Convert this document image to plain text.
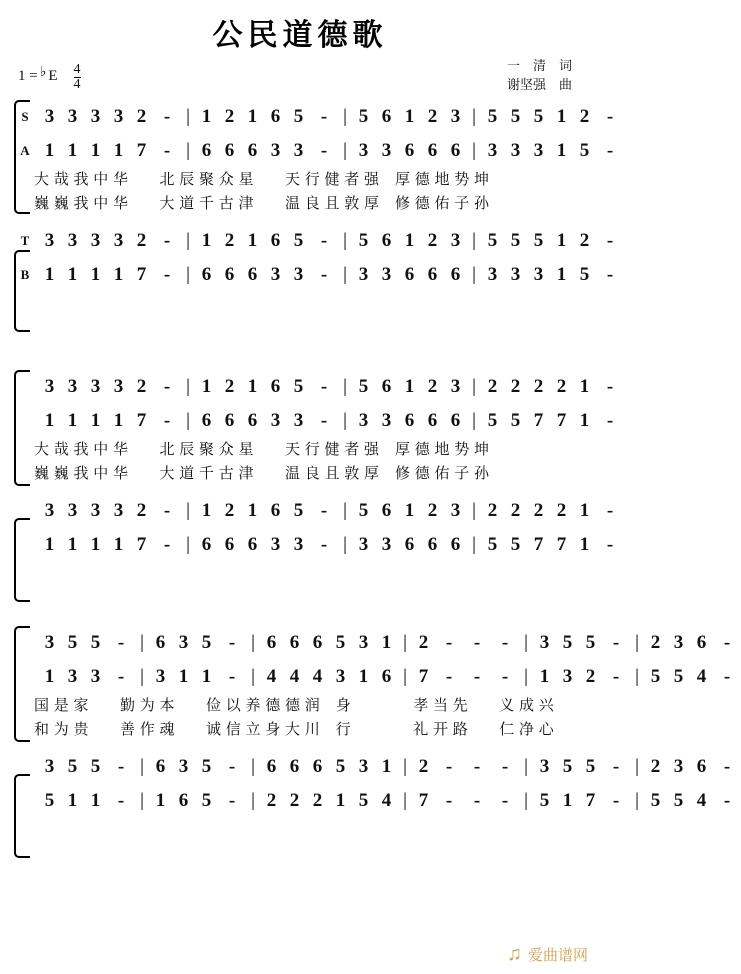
公民道德歌
1 = ♭ E $\frac{4}{4}$	一　清　词
谢坚强　曲
S 3 3 3 3 2 - | 1 2 1 6 5 - | 5 6 1 2 3 | 5 5 5 1 2 -
A 1 1 1 1 7 - | 6 6 6 3 3 - | 3 3 6 6 6 | 3 3 3 1 5 -
大 哉 我 中 华　　北 辰 聚 众 星　　天 行 健 者 强　厚 德 地 势 坤
巍 巍 我 中 华　　大 道 千 古 津　　温 良 且 敦 厚　修 德 佑 子 孙
T 3 3 3 3 2 - | 1 2 1 6 5 - | 5 6 1 2 3 | 5 5 5 1 2 -
B 1 1 1 1 7 - | 6 6 6 3 3 - | 3 3 6 6 6 | 3 3 3 1 5 -
3 3 3 3 2 - | 1 2 1 6 5 - | 5 6 1 2 3 | 2 2 2 2 1 -
1 1 1 1 7 - | 6 6 6 3 3 - | 3 3 6 6 6 | 5 5 7 7 1 -
大 哉 我 中 华　　北 辰 聚 众 星　　天 行 健 者 强　厚 德 地 势 坤
巍 巍 我 中 华　　大 道 千 古 津　　温 良 且 敦 厚　修 德 佑 子 孙
3 3 3 3 2 - | 1 2 1 6 5 - | 5 6 1 2 3 | 2 2 2 2 1 -
1 1 1 1 7 - | 6 6 6 3 3 - | 3 3 6 6 6 | 5 5 7 7 1 -
3 5 5 - | 6 3 5 - | 6 6 6 5 3 1 | 2 -	-	- | 3 5 5 - | 2 3 6 -
1 3 3 - | 3 1 1 - | 4 4 4 3 1 6 | 7 -	-	- | 1 3 2 - | 5 5 4 -
国 是 家　　勤 为 本　　俭 以 养 德 德 润　身　　　　孝 当 先　　义 成 兴
和 为 贵　　善 作 魂　　诚 信 立 身 大 川　行　　　　礼 开 路　　仁 净 心
3 5 5 - | 6 3 5 - | 6 6 6 5 3 1 | 2 -	-	- | 3 5 5 - | 2 3 6 -
5 1 1 - | 1 6 5 - | 2 2 2 1 5 4 | 7 -	-	- | 5 1 7 - | 5 5 4 -
♫ 爱曲谱网
